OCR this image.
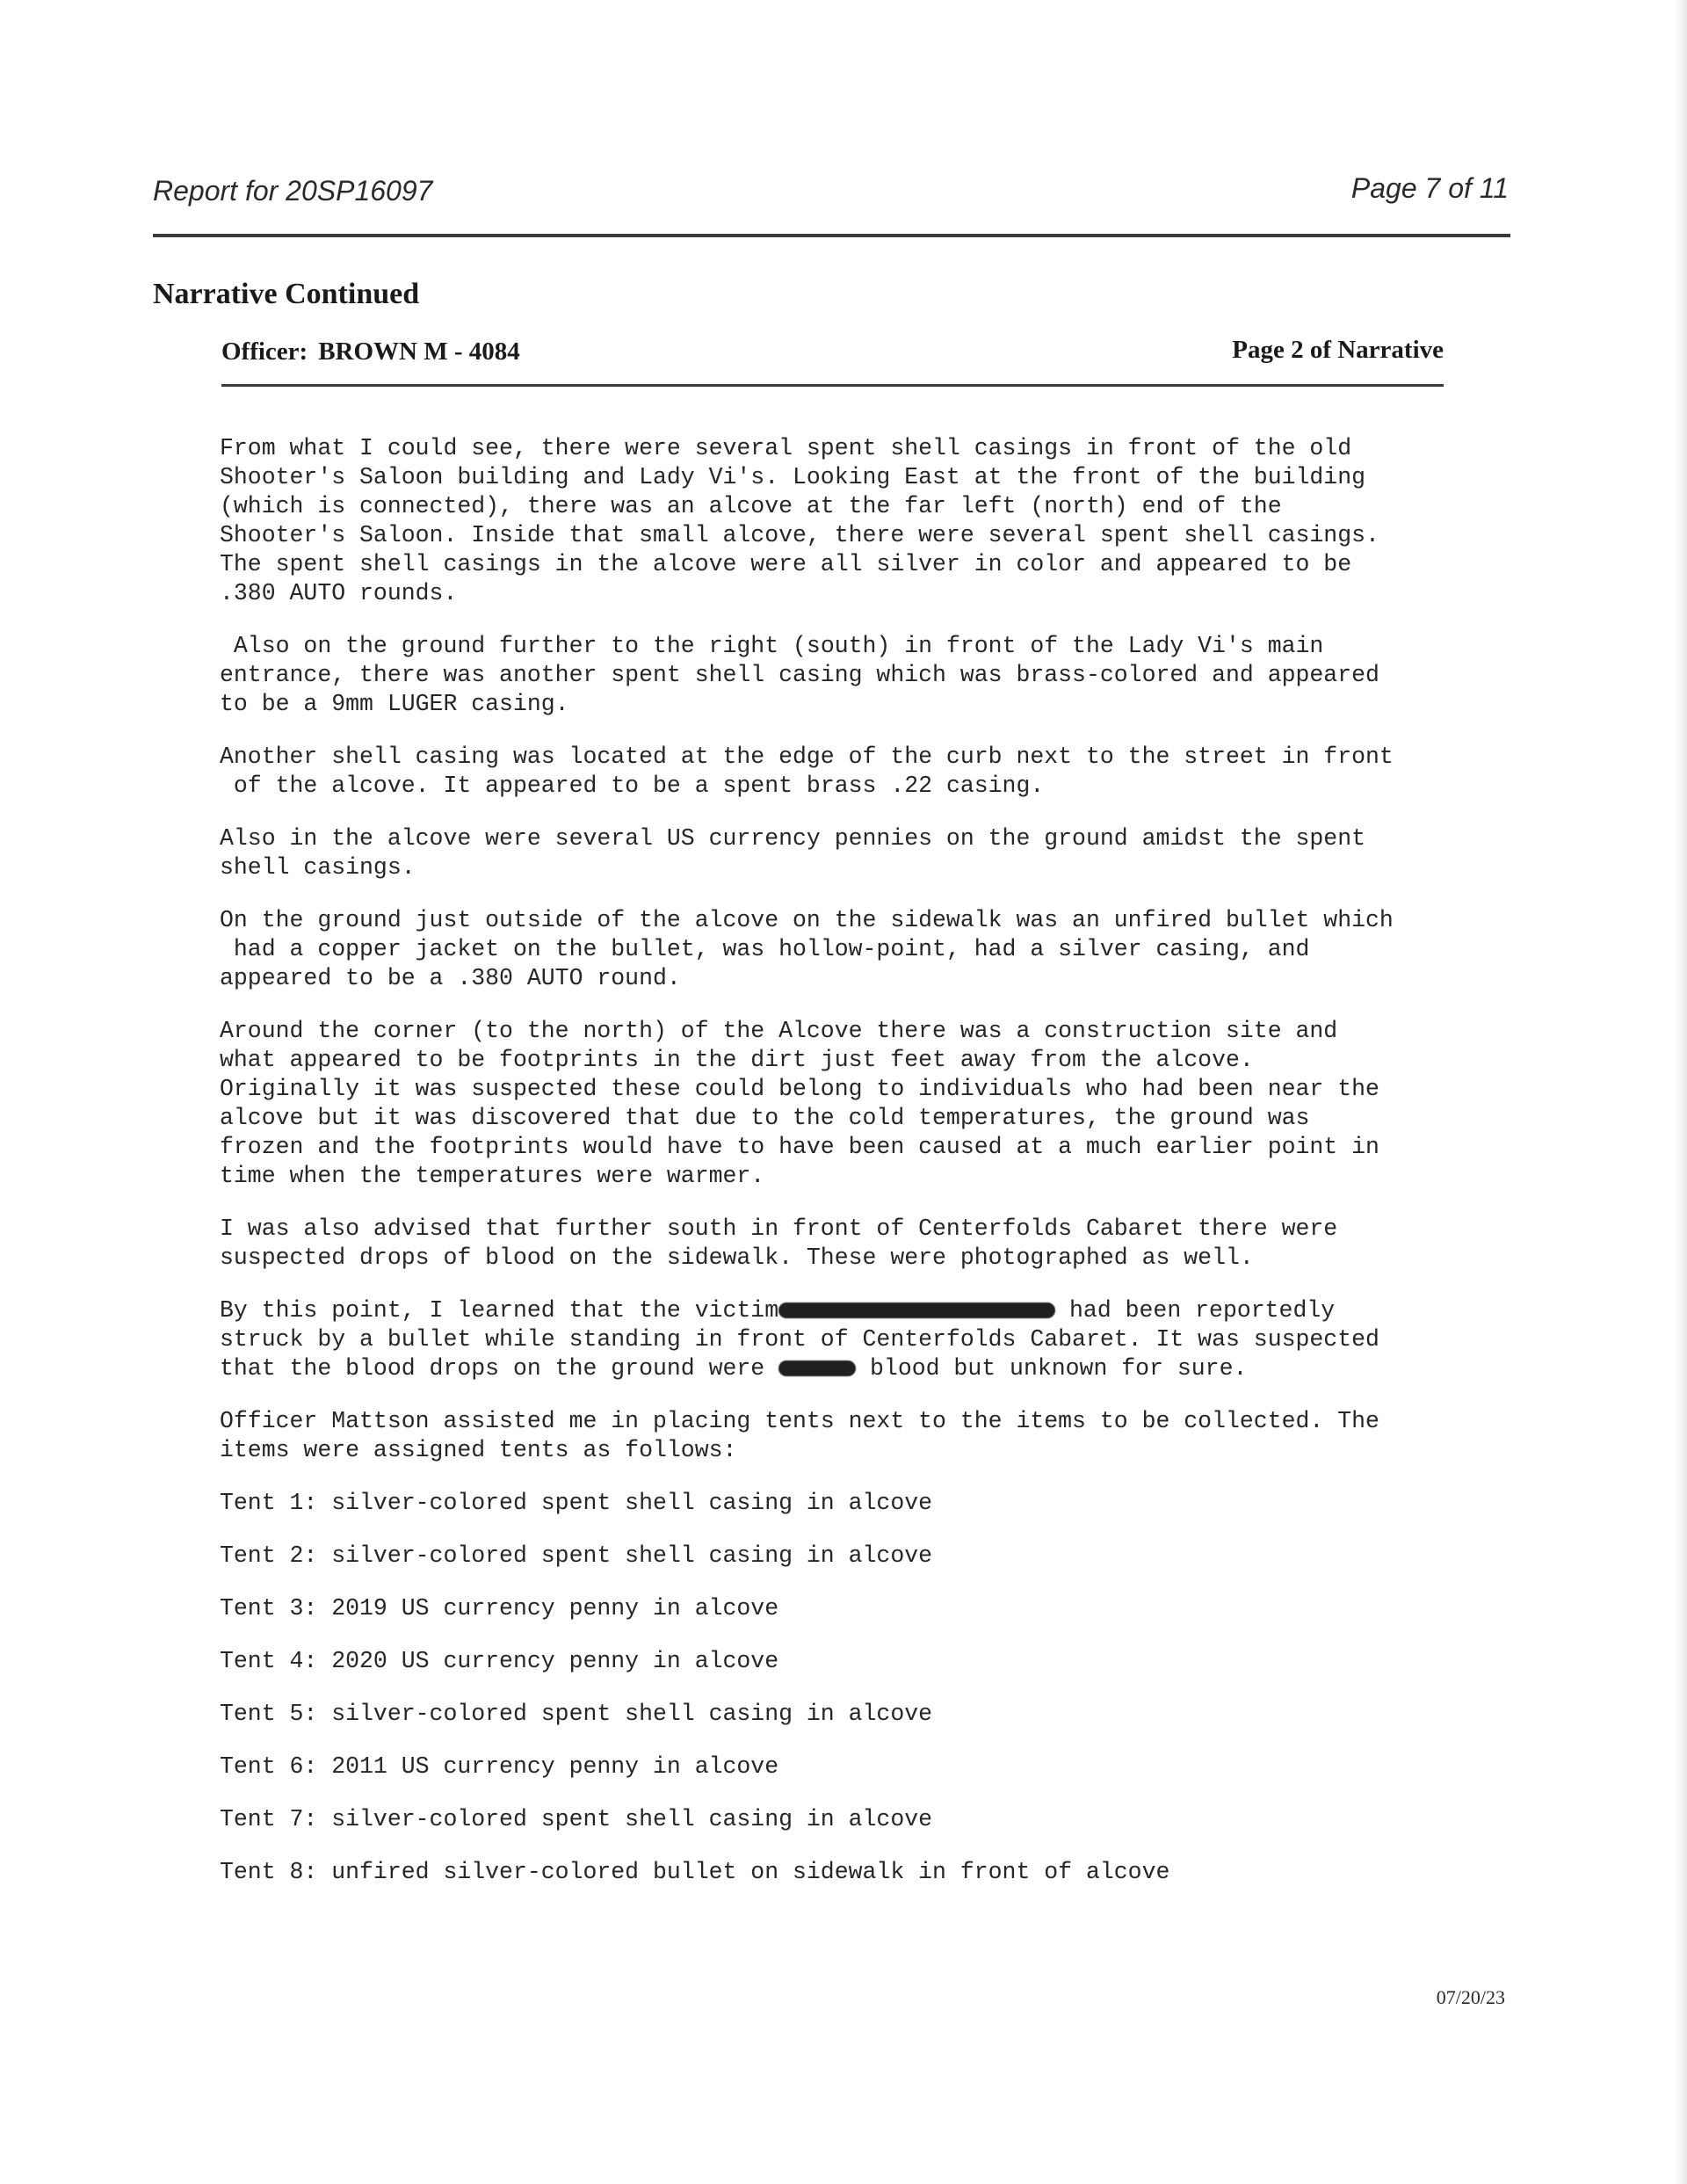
Report for 20SP16097	Page 7 of 11
Narrative Continued
Officer: BROWN M - 4084	Page 2 of Narrative
From what I could see, there were several spent shell casings in front of the old
Shooter's Saloon building and Lady Vi's. Looking East at the front of the building
(which is connected), there was an alcove at the far left (north) end of the
Shooter's Saloon. Inside that small alcove, there were several spent shell casings.
The spent shell casings in the alcove were all silver in color and appeared to be
.380 AUTO rounds.
Also on the ground further to the right (south) in front of the Lady Vi's main
entrance, there was another spent shell casing which was brass-colored and appeared
to be a 9mm LUGER casing.
Another shell casing was located at the edge of the curb next to the street in front
of the alcove. It appeared to be a spent brass .22 casing.
Also in the alcove were several US currency pennies on the ground amidst the spent
shell casings.
On the ground just outside of the alcove on the sidewalk was an unfired bullet which
had a copper jacket on the bullet, was hollow-point, had a silver casing, and
appeared to be a .380 AUTO round.
Around the corner (to the north) of the Alcove there was a construction site and
what appeared to be footprints in the dirt just feet away from the alcove.
Originally it was suspected these could belong to individuals who had been near the
alcove but it was discovered that due to the cold temperatures, the ground was
frozen and the footprints would have to have been caused at a much earlier point in
time when the temperatures were warmer.
I was also advised that further south in front of Centerfolds Cabaret there were
suspected drops of blood on the sidewalk. These were photographed as well.
By this point, I learned that the victim	had been reportedly
struck by a bullet while standing in front of Centerfolds Cabaret. It was suspected
that the blood drops on the ground were	blood but unknown for sure.
Officer Mattson assisted me in placing tents next to the items to be collected. The
items were assigned tents as follows:
Tent 1: silver-colored spent shell casing in alcove
Tent 2: silver-colored spent shell casing in alcove
Tent 3: 2019 US currency penny in alcove
Tent 4: 2020 US currency penny in alcove
Tent 5: silver-colored spent shell casing in alcove
Tent 6: 2011 US currency penny in alcove
Tent 7: silver-colored spent shell casing in alcove
Tent 8: unfired silver-colored bullet on sidewalk in front of alcove
07/20/23
